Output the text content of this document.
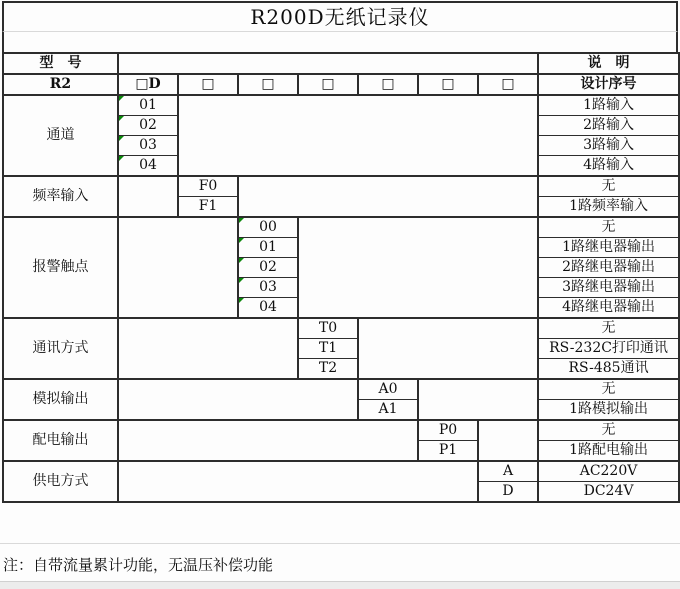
R200D无纸记录仪
型　号								说　明
R2	□D	□	□	□	□	□	□	设计序号
通道	01							1路输入
	02							2路输入
	03							3路输入
	04							4路输入
频率输入		F0						无
		F1						1路频率输入
报警触点			00					无
			01					1路继电器输出
			02					2路继电器输出
			03					3路继电器输出
			04					4路继电器输出
通讯方式				T0				无
				T1				RS-232C打印通讯
				T2				RS-485通讯
模拟输出					A0			无
					A1			1路模拟输出
配电输出						P0		无
						P1		1路配电输出
供电方式							A	AC220V
							D	DC24V
注：自带流量累计功能，无温压补偿功能
